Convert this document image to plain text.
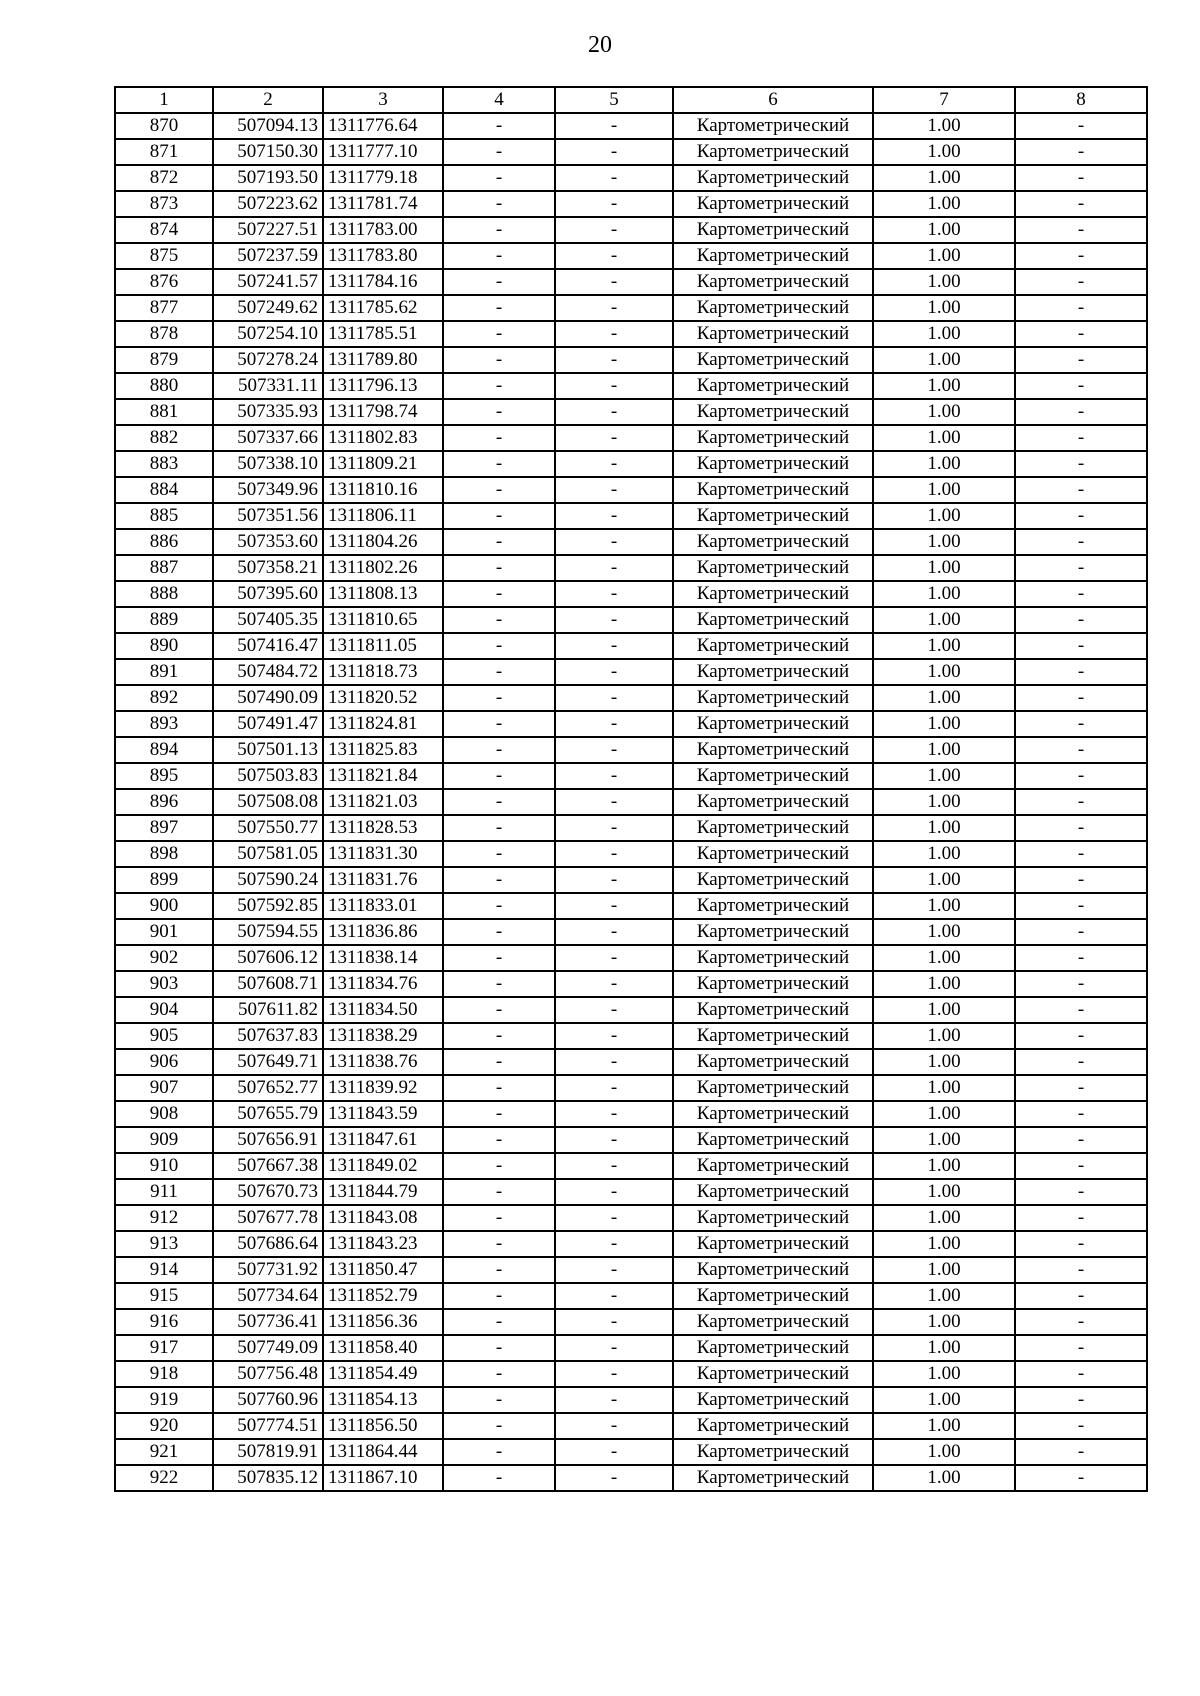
20
1	2	3	4	5	6	7	8
870	507094.13	1311776.64	-	-	Картометрический	1.00	-
871	507150.30	1311777.10	-	-	Картометрический	1.00	-
872	507193.50	1311779.18	-	-	Картометрический	1.00	-
873	507223.62	1311781.74	-	-	Картометрический	1.00	-
874	507227.51	1311783.00	-	-	Картометрический	1.00	-
875	507237.59	1311783.80	-	-	Картометрический	1.00	-
876	507241.57	1311784.16	-	-	Картометрический	1.00	-
877	507249.62	1311785.62	-	-	Картометрический	1.00	-
878	507254.10	1311785.51	-	-	Картометрический	1.00	-
879	507278.24	1311789.80	-	-	Картометрический	1.00	-
880	507331.11	1311796.13	-	-	Картометрический	1.00	-
881	507335.93	1311798.74	-	-	Картометрический	1.00	-
882	507337.66	1311802.83	-	-	Картометрический	1.00	-
883	507338.10	1311809.21	-	-	Картометрический	1.00	-
884	507349.96	1311810.16	-	-	Картометрический	1.00	-
885	507351.56	1311806.11	-	-	Картометрический	1.00	-
886	507353.60	1311804.26	-	-	Картометрический	1.00	-
887	507358.21	1311802.26	-	-	Картометрический	1.00	-
888	507395.60	1311808.13	-	-	Картометрический	1.00	-
889	507405.35	1311810.65	-	-	Картометрический	1.00	-
890	507416.47	1311811.05	-	-	Картометрический	1.00	-
891	507484.72	1311818.73	-	-	Картометрический	1.00	-
892	507490.09	1311820.52	-	-	Картометрический	1.00	-
893	507491.47	1311824.81	-	-	Картометрический	1.00	-
894	507501.13	1311825.83	-	-	Картометрический	1.00	-
895	507503.83	1311821.84	-	-	Картометрический	1.00	-
896	507508.08	1311821.03	-	-	Картометрический	1.00	-
897	507550.77	1311828.53	-	-	Картометрический	1.00	-
898	507581.05	1311831.30	-	-	Картометрический	1.00	-
899	507590.24	1311831.76	-	-	Картометрический	1.00	-
900	507592.85	1311833.01	-	-	Картометрический	1.00	-
901	507594.55	1311836.86	-	-	Картометрический	1.00	-
902	507606.12	1311838.14	-	-	Картометрический	1.00	-
903	507608.71	1311834.76	-	-	Картометрический	1.00	-
904	507611.82	1311834.50	-	-	Картометрический	1.00	-
905	507637.83	1311838.29	-	-	Картометрический	1.00	-
906	507649.71	1311838.76	-	-	Картометрический	1.00	-
907	507652.77	1311839.92	-	-	Картометрический	1.00	-
908	507655.79	1311843.59	-	-	Картометрический	1.00	-
909	507656.91	1311847.61	-	-	Картометрический	1.00	-
910	507667.38	1311849.02	-	-	Картометрический	1.00	-
911	507670.73	1311844.79	-	-	Картометрический	1.00	-
912	507677.78	1311843.08	-	-	Картометрический	1.00	-
913	507686.64	1311843.23	-	-	Картометрический	1.00	-
914	507731.92	1311850.47	-	-	Картометрический	1.00	-
915	507734.64	1311852.79	-	-	Картометрический	1.00	-
916	507736.41	1311856.36	-	-	Картометрический	1.00	-
917	507749.09	1311858.40	-	-	Картометрический	1.00	-
918	507756.48	1311854.49	-	-	Картометрический	1.00	-
919	507760.96	1311854.13	-	-	Картометрический	1.00	-
920	507774.51	1311856.50	-	-	Картометрический	1.00	-
921	507819.91	1311864.44	-	-	Картометрический	1.00	-
922	507835.12	1311867.10	-	-	Картометрический	1.00	-
